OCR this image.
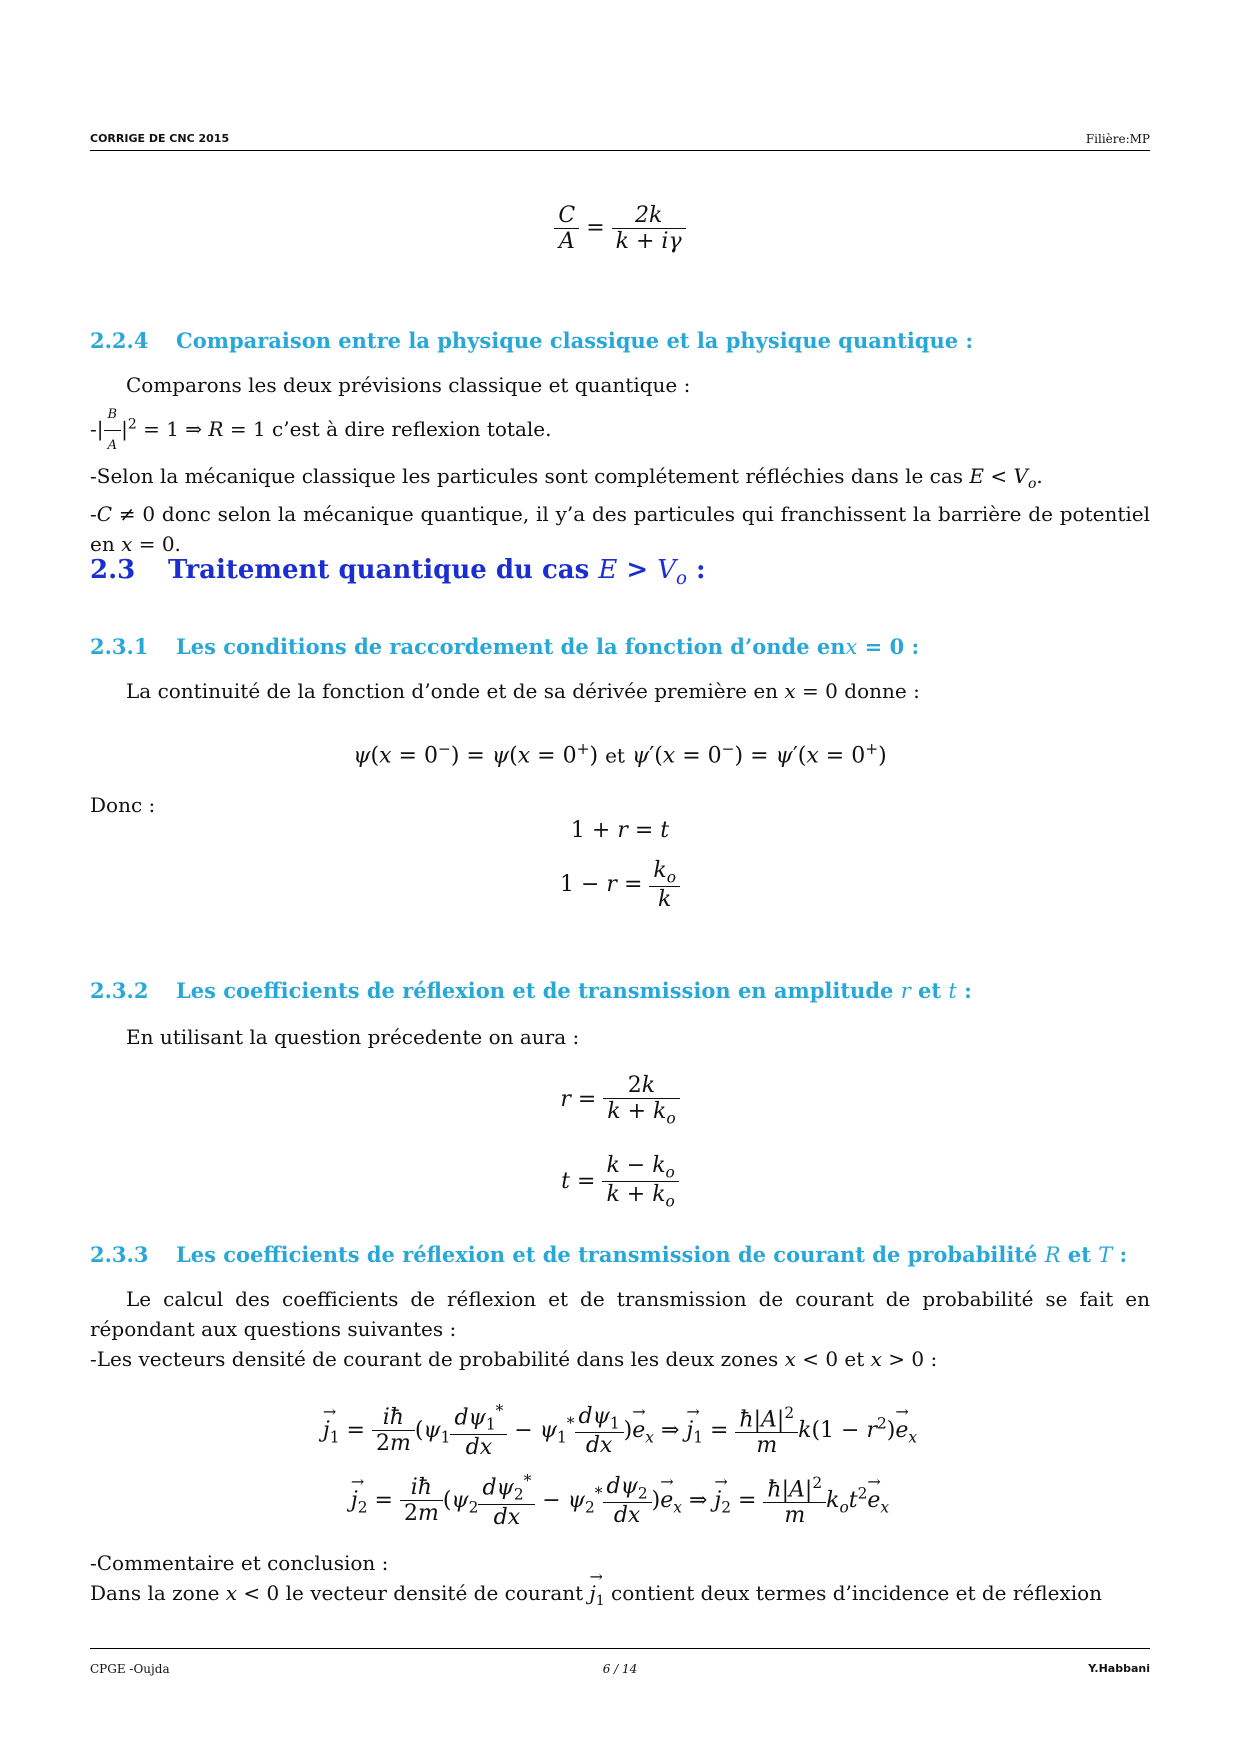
CORRIGE DE CNC 2015	Filière:MP
$\frac{C}{A} = \frac{2k}{k + i\gamma}$
2.2.4 Comparaison entre la physique classique et la physique quantique :
Comparons les deux prévisions classique et quantique :
-| $\frac{B}{A} |^2 = 1$ ⇒ R = 1 c’est à dire reflexion totale.
-Selon la mécanique classique les particules sont complétement réfléchies dans le cas $E < V_o$.
-C ≠ 0 donc selon la mécanique quantique, il y’a des particules qui franchissent la barrière de potentiel en x = 0.
2.3 Traitement quantique du cas $E > V_o$ :
2.3.1 Les conditions de raccordement de la fonction d’onde enx = 0 :
La continuité de la fonction d’onde et de sa dérivée première en x = 0 donne :
ψ(x = 0−) = ψ(x = 0+) et ψ′(x = 0−) = ψ′(x = 0+)
Donc :
1 + r = t
$1 - r = \frac{k_o}{k}$
2.3.2 Les coefficients de réflexion et de transmission en amplitude r et t :
En utilisant la question précedente on aura :
$r = \frac{2k}{k + k_o}$
$t = \frac{k - k_o}{k + k_o}$
2.3.3 Les coefficients de réflexion et de transmission de courant de probabilité R et T :
Le calcul des coefficients de réflexion et de transmission de courant de probabilité se fait en répondant aux questions suivantes :
-Les vecteurs densité de courant de probabilité dans les deux zones x < 0 et x > 0 :
→ $j_1 = \frac{iħ}{2m} (\psi_1 \frac{d\psi_1^*}{dx} - \psi_1^* \frac{d\psi_1}{dx}$ )→ $e_x$ ⇒ → $j_1 = \frac{ħ|A|^2}{m} k(1 - r^2)\to e_x$
→ $j_2 = \frac{iħ}{2m} (\psi_2 \frac{d\psi_2^*}{dx} - \psi_2^* \frac{d\psi_2}{dx}$ )→ $e_x$ ⇒ → $j_2 = \frac{ħ|A|^2}{m} k_ot^2\to e_x$
-Commentaire et conclusion :
Dans la zone x < 0 le vecteur densité de courant → $j_1$ contient deux termes d’incidence et de réflexion
CPGE -Oujda	6 / 14	Y.Habbani
